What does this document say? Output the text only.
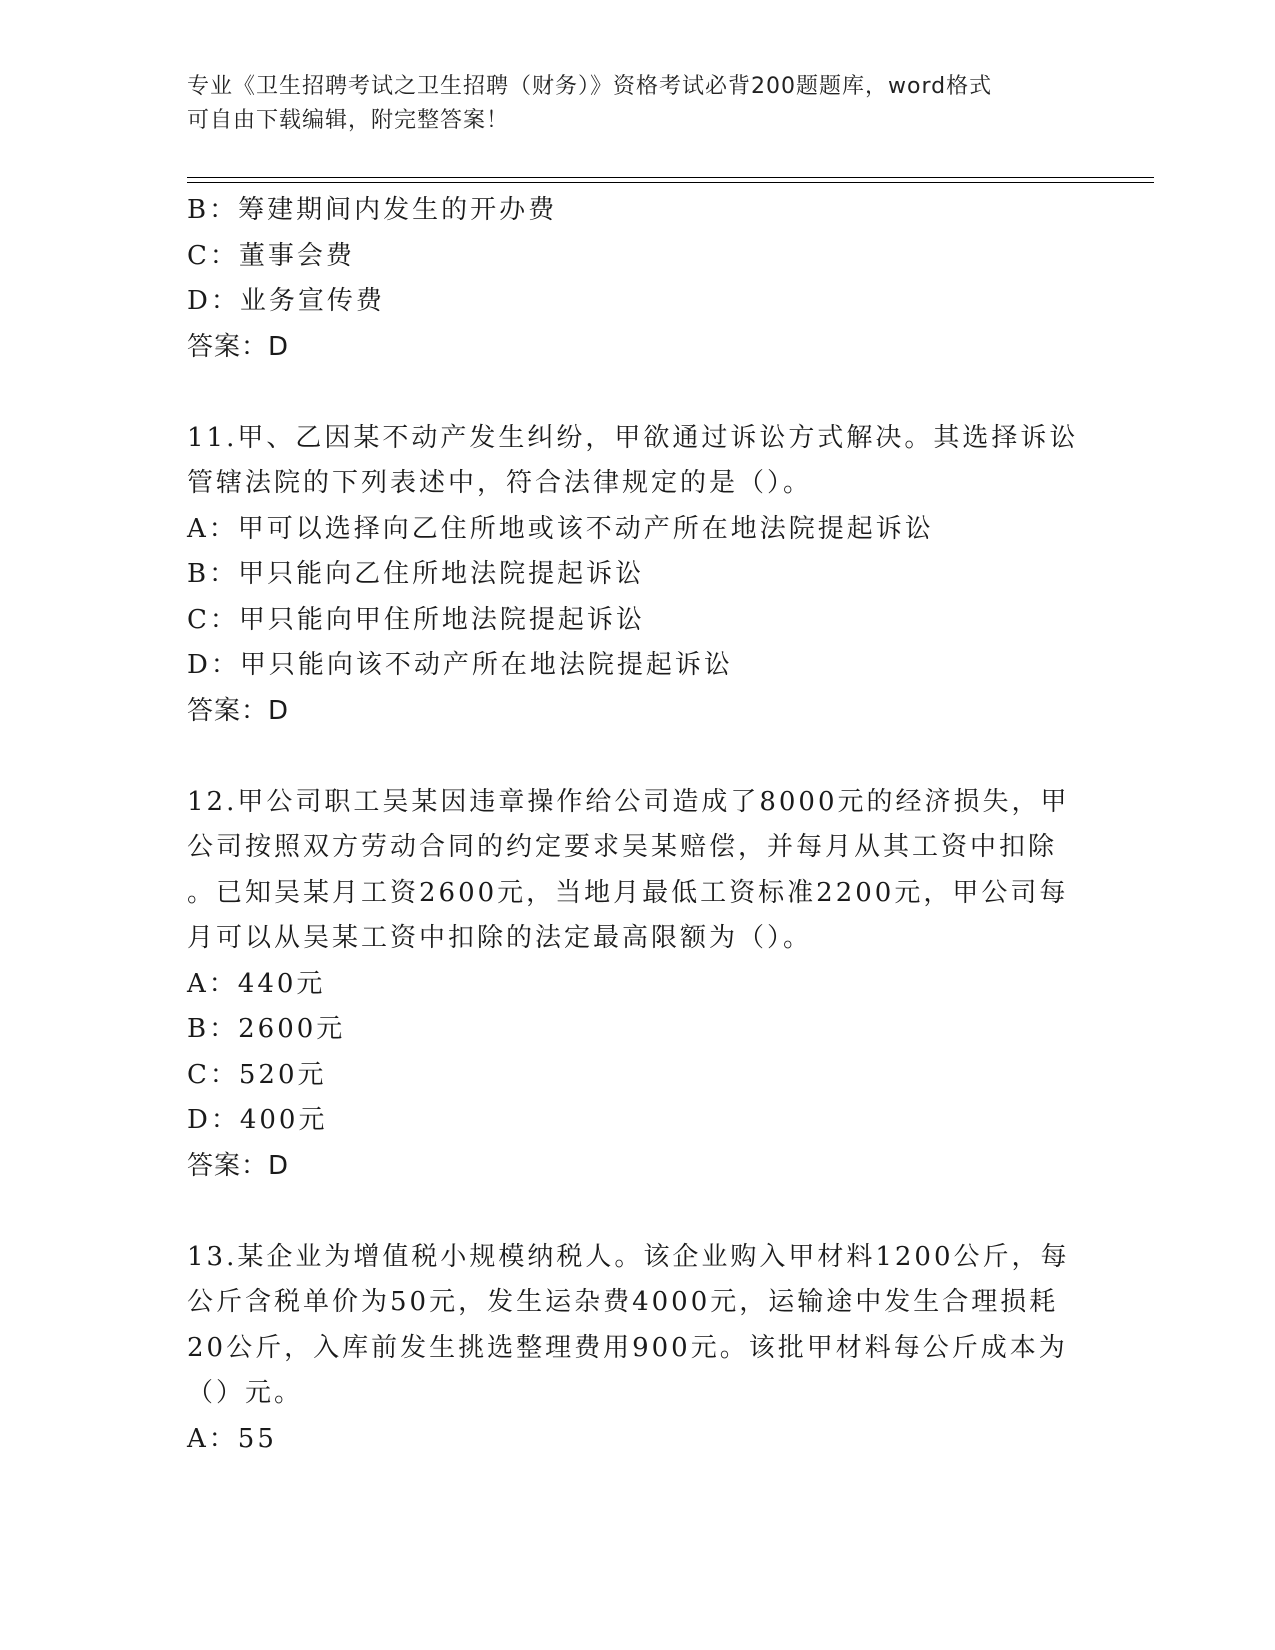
专业《卫生招聘考试之卫生招聘（财务）》资格考试必背200题题库，word格式
可自由下载编辑，附完整答案！
B：筹建期间内发生的开办费
C：董事会费
D：业务宣传费
答案：D
11.甲、乙因某不动产发生纠纷，甲欲通过诉讼方式解决。其选择诉讼
管辖法院的下列表述中，符合法律规定的是（）。
A：甲可以选择向乙住所地或该不动产所在地法院提起诉讼
B：甲只能向乙住所地法院提起诉讼
C：甲只能向甲住所地法院提起诉讼
D：甲只能向该不动产所在地法院提起诉讼
答案：D
12.甲公司职工吴某因违章操作给公司造成了8000元的经济损失，甲
公司按照双方劳动合同的约定要求吴某赔偿，并每月从其工资中扣除
。已知吴某月工资2600元，当地月最低工资标准2200元，甲公司每
月可以从吴某工资中扣除的法定最高限额为（）。
A：440元
B：2600元
C：520元
D：400元
答案：D
13.某企业为增值税小规模纳税人。该企业购入甲材料1200公斤，每
公斤含税单价为50元，发生运杂费4000元，运输途中发生合理损耗
20公斤，入库前发生挑选整理费用900元。该批甲材料每公斤成本为
（）元。
A：55
